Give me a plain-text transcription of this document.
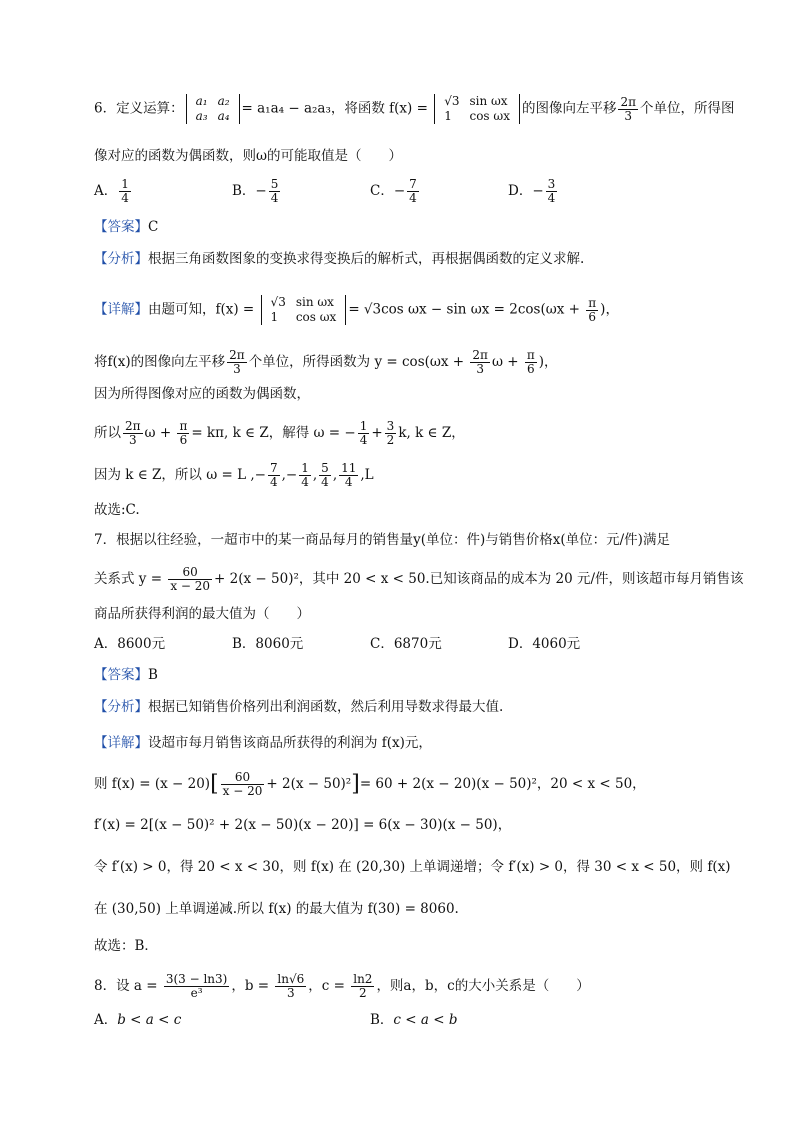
6．定义运算： a₁	a₂
a₃	a₄ = a₁a₄ − a₂a₃，将函数 f(x) = √3	sin ωx
1	cos ωx 的图像向左平移 $\frac{2\pi}{3}$ 个单位，所得图
像对应的函数为偶函数，则ω的可能取值是（　　）
A． $\frac{1}{4}$	B．− $\frac{5}{4}$	C．− $\frac{7}{4}$	D．− $\frac{3}{4}$
【答案】C
【分析】根据三角函数图象的变换求得变换后的解析式，再根据偶函数的定义求解.
【详解】由题可知，f(x) = √3	sin ωx
1	cos ωx = √3cos $\omega x - \sin \omega x = 2\cos(\omega x + \frac{\pi}{6}$ )，
将f(x)的图像向左平移 $\frac{2\pi}{3}$ 个单位，所得函数为 $y = \cos(\omega x + \frac{2\pi}{3}$ $\omega + \frac{\pi}{6}$ )，
因为所得图像对应的函数为偶函数，
所以 $\frac{2\pi}{3}$ $\omega + \frac{\pi}{6} = k\pi$, k ∈ Z，解得 ω = − $\frac{1}{4} + \frac{3}{2} k$, k ∈ Z，
因为 k ∈ Z，所以 ω = L ,− $\frac{7}{4}$ ,− $\frac{1}{4}$ , $\frac{5}{4}$ , $\frac{11}{4} ,L$
故选:C.
7．根据以往经验，一超市中的某一商品每月的销售量y(单位：件)与销售价格x(单位：元/件)满足
关系式 $y = \frac{60}{x - 20} + 2(x - 50)^2$，其中 20 < x < 50.已知该商品的成本为 20 元/件，则该超市每月销售该
商品所获得利润的最大值为（　　）
A．8600元	B．8060元	C．6870元	D．4060元
【答案】B
【分析】根据已知销售价格列出利润函数，然后利用导数求得最大值.
【详解】设超市每月销售该商品所获得的利润为 f(x)元，
则 $f(x) = (x - 20)[ \frac{60}{x - 20} + 2(x - 50)^2]= 60 + 2(x - 20)(x - 50)^2$，20 < x < 50，
f′(x) = 2[(x − 50)² + 2(x − 50)(x − 20)] = 6(x − 30)(x − 50)，
令 f′(x) > 0，得 20 < x < 30，则 f(x) 在 (20,30) 上单调递增；令 f′(x) > 0，得 30 < x < 50，则 f(x)
在 (30,50) 上单调递减.所以 f(x) 的最大值为 f(30) = 8060.
故选：B．
8．设 $a = \frac{3(3 - \ln 3)}{\text{e³}}$ ，$b = \frac{\ln√6}{3}$ ，$c = \frac{\ln 2}{2}$ ，则a，b，c的大小关系是（　　）
A．b < a < c	B．c < a < b
